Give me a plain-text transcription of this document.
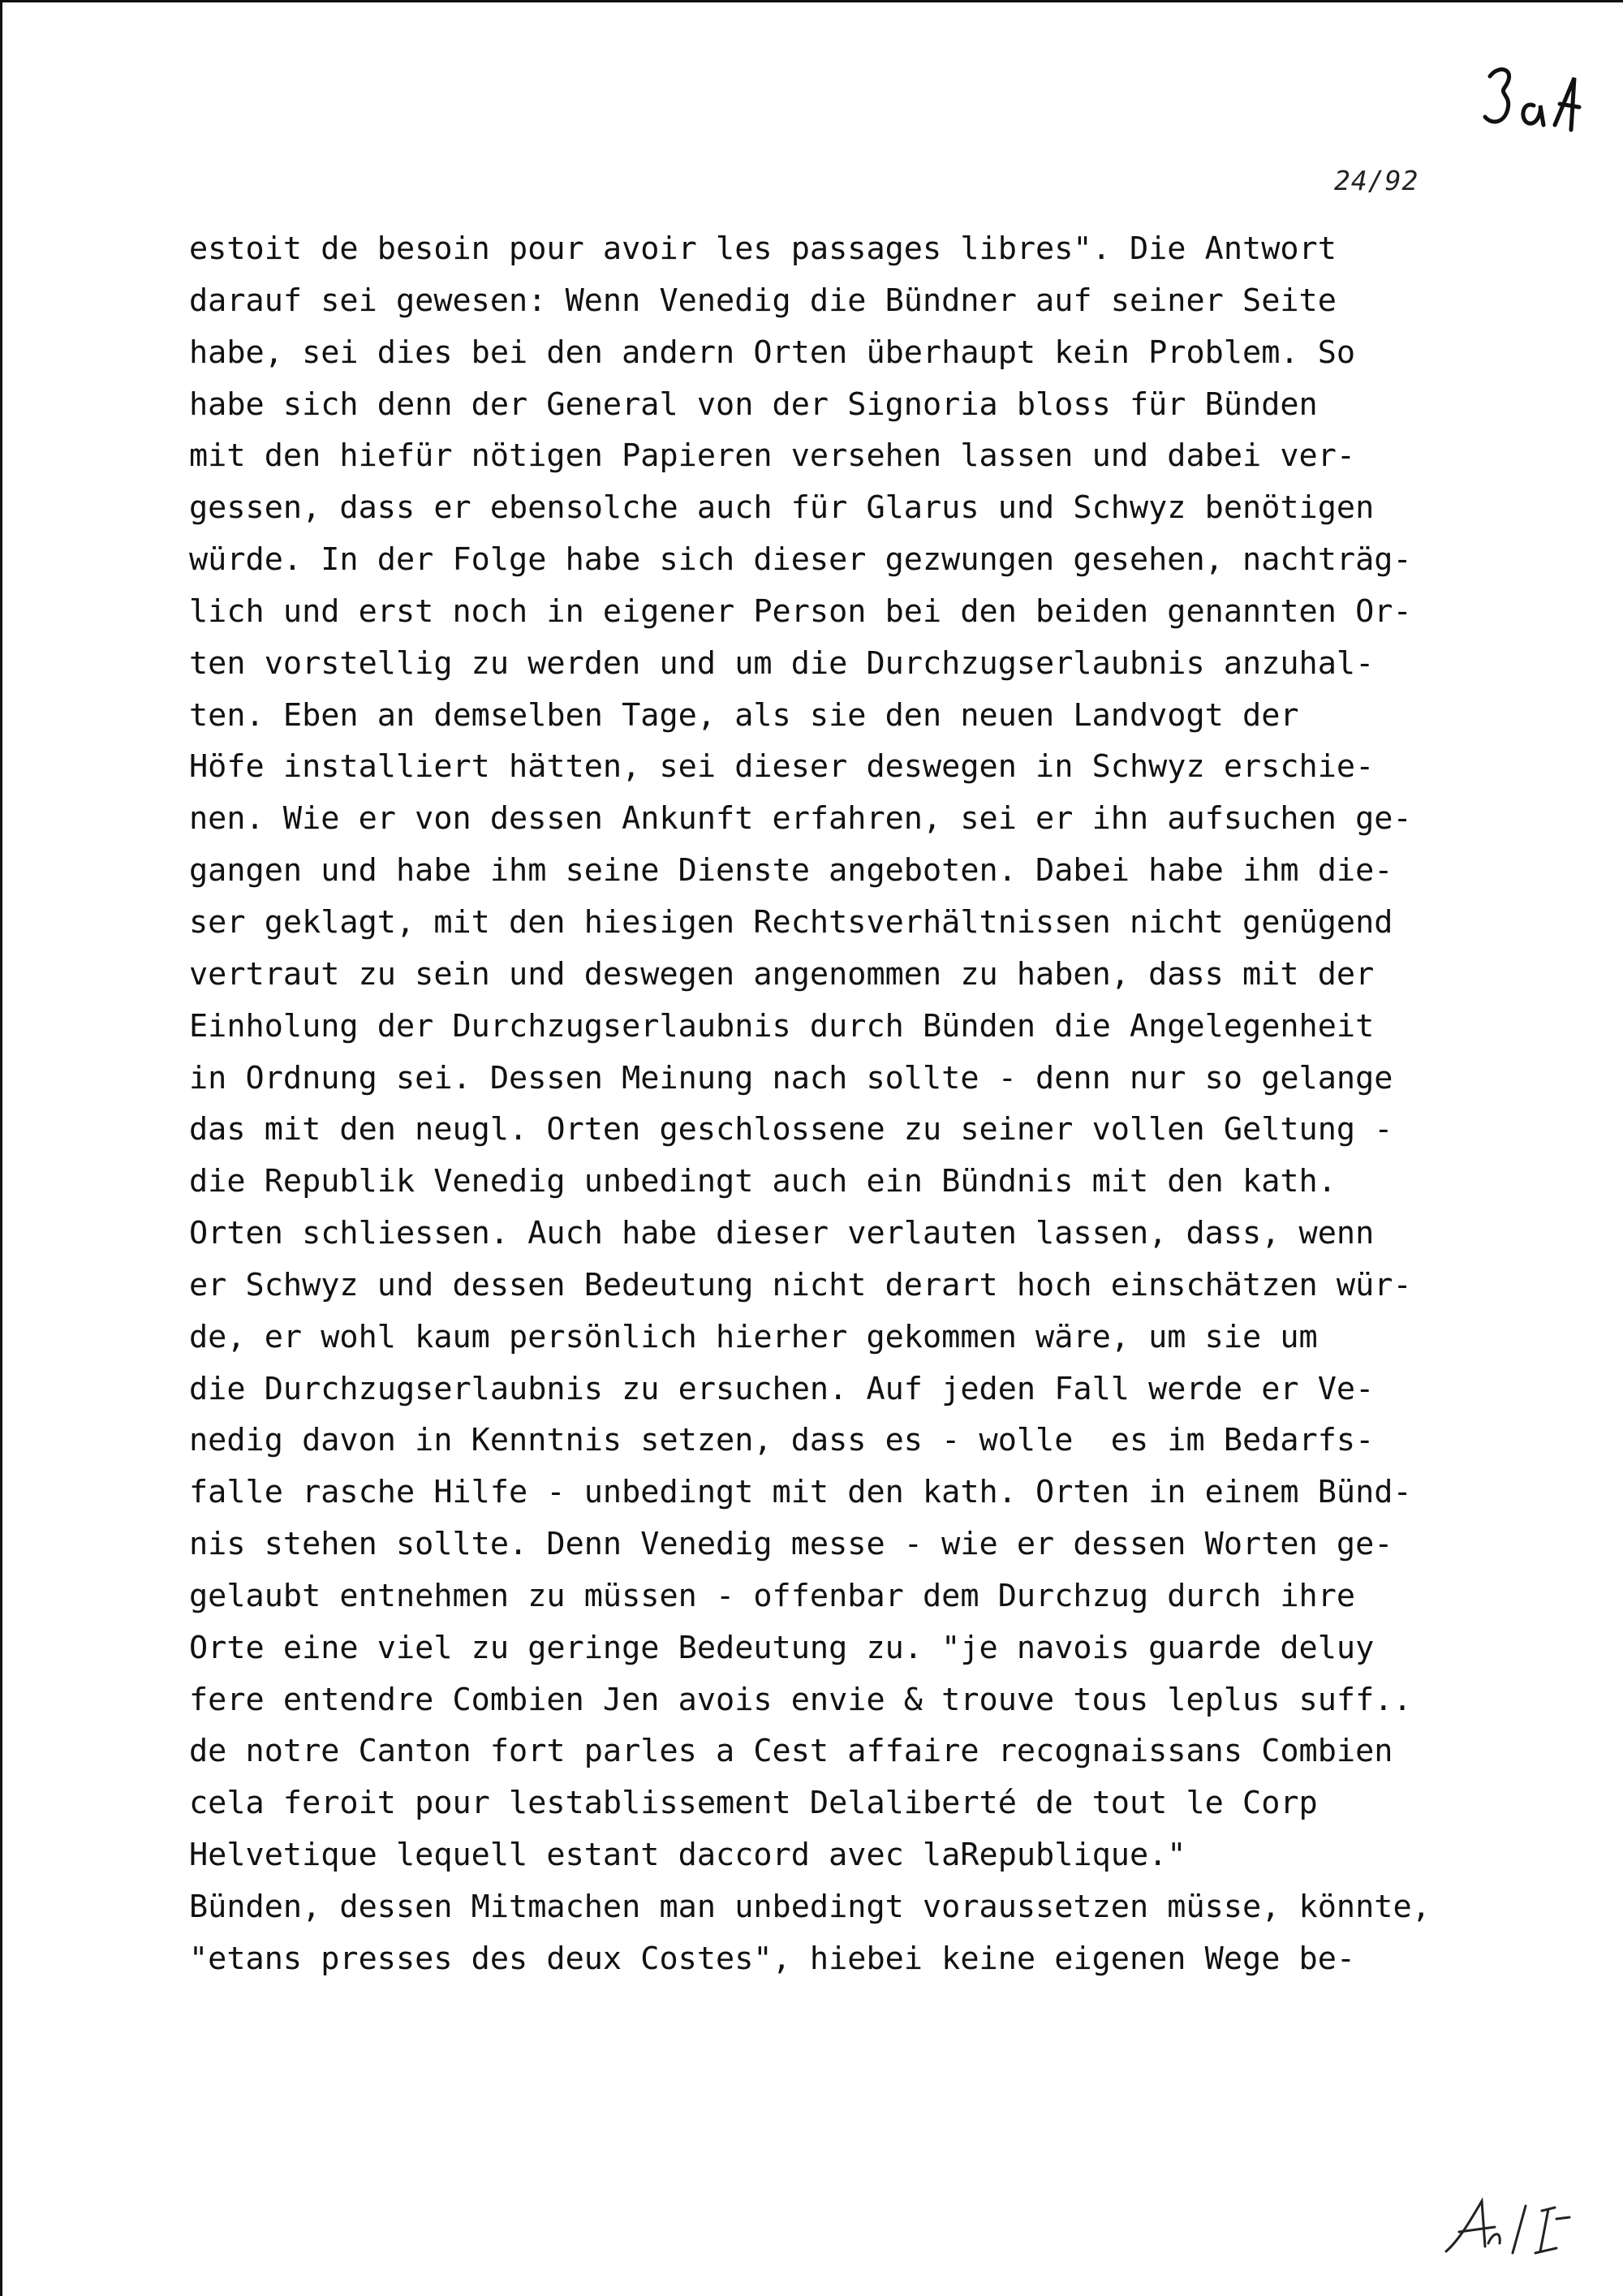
24/92
estoit de besoin pour avoir les passages libres". Die Antwort
darauf sei gewesen: Wenn Venedig die Bündner auf seiner Seite
habe, sei dies bei den andern Orten überhaupt kein Problem. So
habe sich denn der General von der Signoria bloss für Bünden
mit den hiefür nötigen Papieren versehen lassen und dabei ver-
gessen, dass er ebensolche auch für Glarus und Schwyz benötigen
würde. In der Folge habe sich dieser gezwungen gesehen, nachträg-
lich und erst noch in eigener Person bei den beiden genannten Or-
ten vorstellig zu werden und um die Durchzugserlaubnis anzuhal-
ten. Eben an demselben Tage, als sie den neuen Landvogt der
Höfe installiert hätten, sei dieser deswegen in Schwyz erschie-
nen. Wie er von dessen Ankunft erfahren, sei er ihn aufsuchen ge-
gangen und habe ihm seine Dienste angeboten. Dabei habe ihm die-
ser geklagt, mit den hiesigen Rechtsverhältnissen nicht genügend
vertraut zu sein und deswegen angenommen zu haben, dass mit der
Einholung der Durchzugserlaubnis durch Bünden die Angelegenheit
in Ordnung sei. Dessen Meinung nach sollte - denn nur so gelange
das mit den neugl. Orten geschlossene zu seiner vollen Geltung -
die Republik Venedig unbedingt auch ein Bündnis mit den kath.
Orten schliessen. Auch habe dieser verlauten lassen, dass, wenn
er Schwyz und dessen Bedeutung nicht derart hoch einschätzen wür-
de, er wohl kaum persönlich hierher gekommen wäre, um sie um
die Durchzugserlaubnis zu ersuchen. Auf jeden Fall werde er Ve-
nedig davon in Kenntnis setzen, dass es - wolle  es im Bedarfs-
falle rasche Hilfe - unbedingt mit den kath. Orten in einem Bünd-
nis stehen sollte. Denn Venedig messe - wie er dessen Worten ge-
gelaubt entnehmen zu müssen - offenbar dem Durchzug durch ihre
Orte eine viel zu geringe Bedeutung zu. "je navois guarde deluy
fere entendre Combien Jen avois envie & trouve tous leplus suff..
de notre Canton fort parles a Cest affaire recognaissans Combien
cela feroit pour lestablissement Delaliberté de tout le Corp
Helvetique lequell estant daccord avec laRepublique."
Bünden, dessen Mitmachen man unbedingt voraussetzen müsse, könnte,
"etans presses des deux Costes", hiebei keine eigenen Wege be-
